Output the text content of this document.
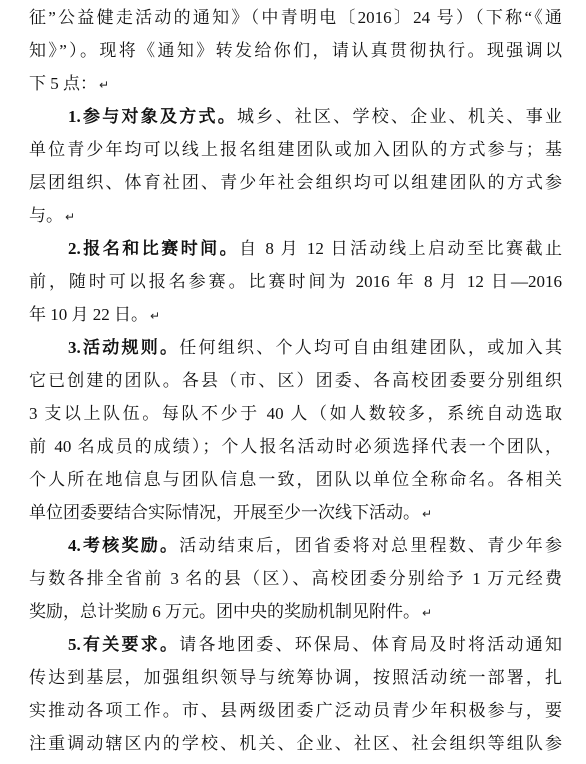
征”公益健走活动的通知》（中青明电〔2016〕24 号）（下称“《通
知》”）。现将《通知》转发给你们，请认真贯彻执行。现强调以
下 5 点： ↵
1.参与对象及方式。城乡、社区、学校、企业、机关、事业
单位青少年均可以线上报名组建团队或加入团队的方式参与；基
层团组织、体育社团、青少年社会组织均可以组建团队的方式参
与。 ↵
2.报名和比赛时间。自 8 月 12 日活动线上启动至比赛截止
前，随时可以报名参赛。比赛时间为 2016 年 8 月 12 日—2016
年 10 月 22 日。 ↵
3.活动规则。任何组织、个人均可自由组建团队，或加入其
它已创建的团队。各县（市、区）团委、各高校团委要分别组织
3 支以上队伍。每队不少于 40 人（如人数较多，系统自动选取
前 40 名成员的成绩）；个人报名活动时必须选择代表一个团队，
个人所在地信息与团队信息一致，团队以单位全称命名。各相关
单位团委要结合实际情况，开展至少一次线下活动。 ↵
4.考核奖励。活动结束后，团省委将对总里程数、青少年参
与数各排全省前 3 名的县（区）、高校团委分别给予 1 万元经费
奖励，总计奖励 6 万元。团中央的奖励机制见附件。 ↵
5.有关要求。请各地团委、环保局、体育局及时将活动通知
传达到基层，加强组织领导与统筹协调，按照活动统一部署，扎
实推动各项工作。市、县两级团委广泛动员青少年积极参与，要
注重调动辖区内的学校、机关、企业、社区、社会组织等组队参
